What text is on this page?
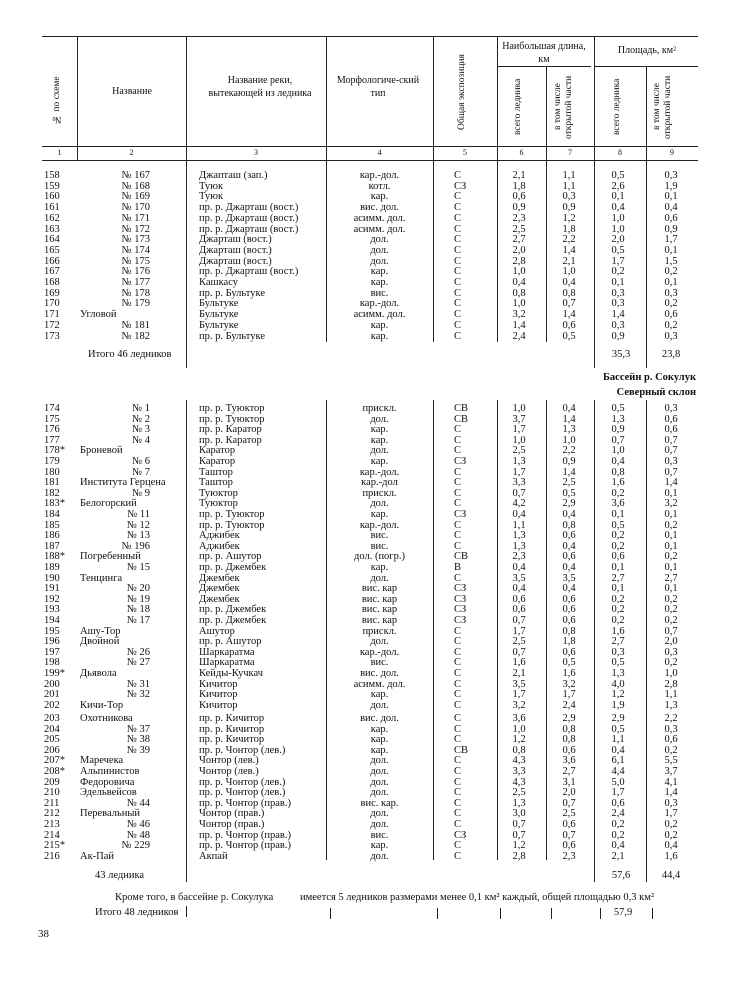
№ по схеме	Название
Название реки, вытекающей из ледника
Морфологиче-ский тип	Общая экспозиция
Наибольшая длина, км
всего ледника	в том числе открытой части
Площадь, км²
всего ледника	в том числе открытой части
1	2	3	4	5	6	7	8	9
158	№ 167	Джапташ (зап.)	кар.-дол.	С	2,1	1,1	0,5	0,3
159	№ 168	Туюк	котл.	СЗ	1,8	1,1	2,6	1,9
160	№ 169	Туюк	кар.	С	0,6	0,3	0,1	0,1
161	№ 170	пр. р. Джарташ (вост.)	вис. дол.	С	0,9	0,9	0,4	0,4
162	№ 171	пр. р. Джарташ (вост.)	асимм. дол.	С	2,3	1,2	1,0	0,6
163	№ 172	пр. р. Джарташ (вост.)	асимм. дол.	С	2,5	1,8	1,0	0,9
164	№ 173	Джарташ (вост.)	дол.	С	2,7	2,2	2,0	1,7
165	№ 174	Джарташ (вост.)	дол.	С	2,0	1,4	0,5	0,1
166	№ 175	Джарташ (вост.)	дол.	С	2,8	2,1	1,7	1,5
167	№ 176	пр. р. Джарташ (вост.)	кар.	С	1,0	1,0	0,2	0,2
168	№ 177	Кашкасу	кар.	С	0,4	0,4	0,1	0,1
169	№ 178	пр. р. Бультуке	вис.	С	0,8	0,8	0,3	0,3
170	№ 179	Бультуке	кар.-дол.	С	1,0	0,7	0,3	0,2
171	Угловой	Бультуке	асимм. дол.	С	3,2	1,4	1,4	0,6
172	№ 181	Бультуке	кар.	С	1,4	0,6	0,3	0,2
173	№ 182	пр. р. Бультуке	кар.	С	2,4	0,5	0,9	0,3
Итого 46 ледников	35,3	23,8
Бассейн р. Сокулук
Северный склон
174	№ 1	пр. р. Туюктор	прискл.	СВ	1,0	0,4	0,5	0,3
175	№ 2	пр. р. Туюктор	дол.	СВ	3,7	1,4	1,3	0,6
176	№ 3	пр. р. Каратор	кар.	С	1,7	1,3	0,9	0,6
177	№ 4	пр. р. Каратор	кар.	С	1,0	1,0	0,7	0,7
178*	Броневой	Каратор	дол.	С	2,5	2,2	1,0	0,7
179	№ 6	Каратор	кар.	СЗ	1,3	0,9	0,4	0,3
180	№ 7	Таштор	кар.-дол.	С	1,7	1,4	0,8	0,7
181	Института Герцена	Таштор	кар.-дол	С	3,3	2,5	1,6	1,4
182	№ 9	Туюктор	прискл.	С	0,7	0,5	0,2	0,1
183*	Белогорский	Туюктор	дол.	С	4,2	2,9	3,6	3,2
184	№ 11	пр. р. Туюктор	кар.	СЗ	0,4	0,4	0,1	0,1
185	№ 12	пр. р. Туюктор	кар.-дол.	С	1,1	0,8	0,5	0,2
186	№ 13	Аджибек	вис.	С	1,3	0,6	0,2	0,1
187	№ 196	Аджибек	вис.	С	1,3	0,4	0,2	0,1
188*	Погребенный	пр. р. Ашутор	дол. (погр.)	СВ	2,3	0,6	0,6	0,2
189	№ 15	пр. р. Джембек	кар.	В	0,4	0,4	0,1	0,1
190	Тенцинга	Джембек	дол.	С	3,5	3,5	2,7	2,7
191	№ 20	Джембек	вис. кар	СЗ	0,4	0,4	0,1	0,1
192	№ 19	Джембек	вис. кар	СЗ	0,6	0,6	0,2	0,2
193	№ 18	пр. р. Джембек	вис. кар	СЗ	0,6	0,6	0,2	0,2
194	№ 17	пр. р. Джембек	вис. кар	СЗ	0,7	0,6	0,2	0,2
195	Ашу-Тор	Ашутор	прискл.	С	1,7	0,8	1,6	0,7
196	Двойной	пр. р. Ашутор	дол.	С	2,5	1,8	2,7	2,0
197	№ 26	Шаркаратма	кар.-дол.	С	0,7	0,6	0,3	0,3
198	№ 27	Шаркаратма	вис.	С	1,6	0,5	0,5	0,2
199*	Дьявола	Кейды-Кучкач	вис. дол.	С	2,1	1,6	1,3	1,0
200	№ 31	Кичитор	асимм. дол.	С	3,5	3,2	4,0	2,8
201	№ 32	Кичитор	кар.	С	1,7	1,7	1,2	1,1
202	Кичи-Тор	Кичитор	дол.	С	3,2	2,4	1,9	1,3
203	Охотникова	пр. р. Кичитор	вис. дол.	С	3,6	2,9	2,9	2,2
204	№ 37	пр. р. Кичитор	кар.	С	1,0	0,8	0,5	0,3
205	№ 38	пр. р. Кичитор	кар.	С	1,2	0,8	1,1	0,6
206	№ 39	пр. р. Чонтор (лев.)	кар.	СВ	0,8	0,6	0,4	0,2
207*	Маречека	Чонтор (лев.)	дол.	С	4,3	3,6	6,1	5,5
208*	Альпинистов	Чонтор (лев.)	дол.	С	3,3	2,7	4,4	3,7
209	Федоровича	пр. р. Чонтор (лев.)	дол.	С	4,3	3,1	5,0	4,1
210	Эдельвейсов	пр. р. Чонтор (лев.)	дол.	С	2,5	2,0	1,7	1,4
211	№ 44	пр. р. Чонтор (прав.)	вис. кар.	С	1,3	0,7	0,6	0,3
212	Перевальный	Чонтор (прав.)	дол.	С	3,0	2,5	2,4	1,7
213	№ 46	Чонтор (прав.)	дол.	С	0,7	0,6	0,2	0,2
214	№ 48	пр. р. Чонтор (прав.)	вис.	СЗ	0,7	0,7	0,2	0,2
215*	№ 229	пр. р. Чонтор (прав.)	кар.	С	1,2	0,6	0,4	0,4
216	Ак-Пай	Акпай	дол.	С	2,8	2,3	2,1	1,6
43 ледника	57,6	44,4
Кроме того, в бассейне р. Сокулука	имеется 5 ледников размерами менее 0,1 км² каждый, общей площадью 0,3 км²
Итого 48 ледников	57,9
38
